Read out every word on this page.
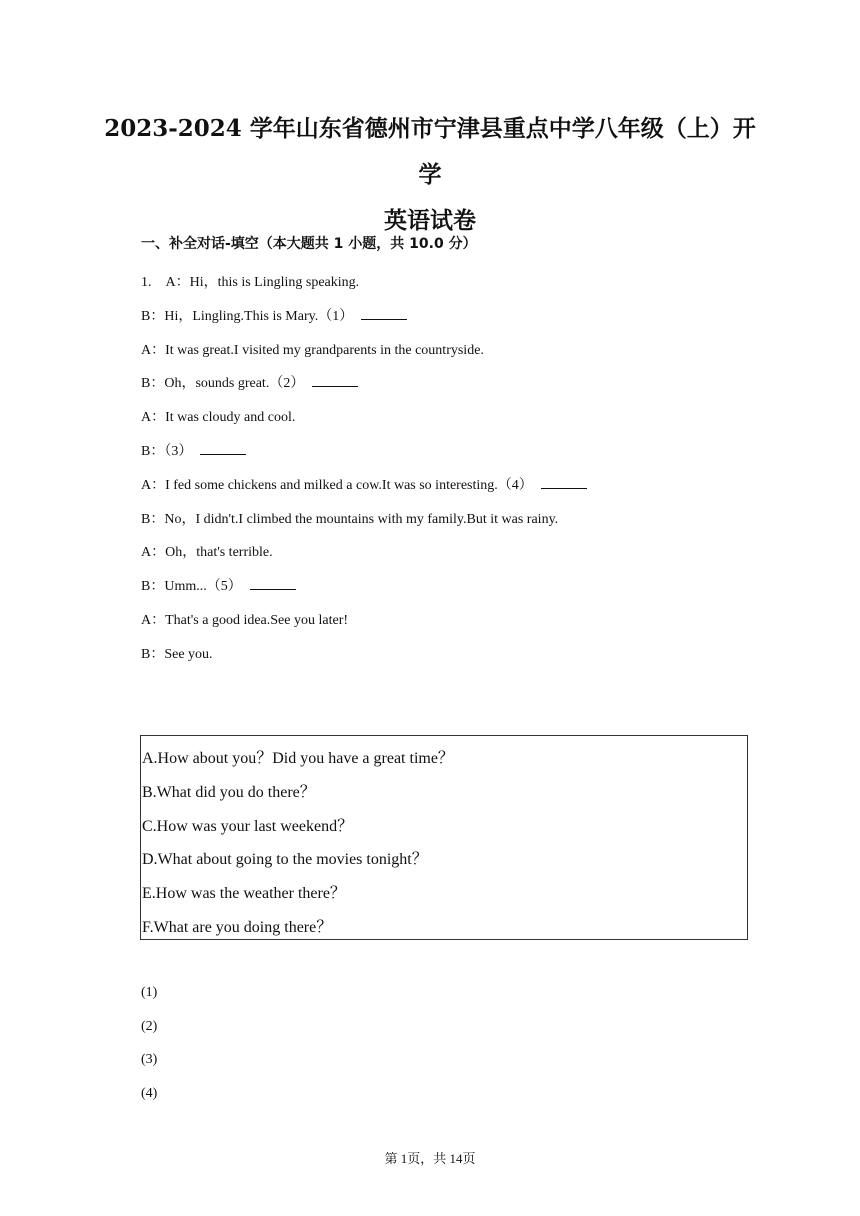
2023-2024 学年山东省德州市宁津县重点中学八年级（上）开学
英语试卷
一、补全对话-填空（本大题共 1 小题，共 10.0 分）
1.　A：Hi，this is Lingling speaking.
B：Hi，Lingling.This is Mary.（1）
A：It was great.I visited my grandparents in the countryside.
B：Oh，sounds great.（2）
A：It was cloudy and cool.
B：（3）
A：I fed some chickens and milked a cow.It was so interesting.（4）
B：No，I didn't.I climbed the mountains with my family.But it was rainy.
A：Oh，that's terrible.
B：Umm...（5）
A：That's a good idea.See you later!
B：See you.
A.How about you？Did you have a great time？
B.What did you do there？
C.How was your last weekend？
D.What about going to the movies tonight？
E.How was the weather there？
F.What are you doing there？
(1)
(2)
(3)
(4)
第 1页，共 14页
